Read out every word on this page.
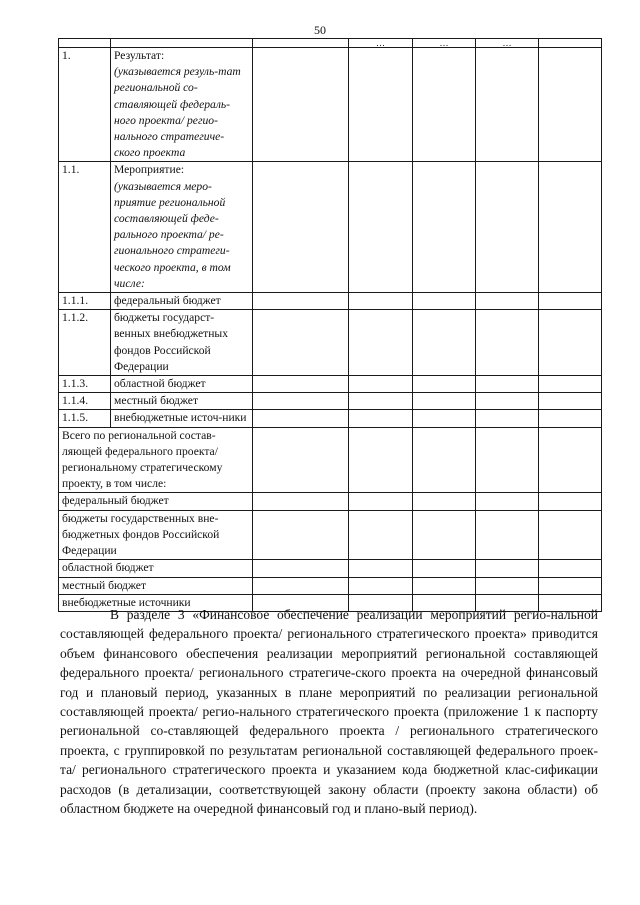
50
			…	…	…	
1.	Результат:
(указывается резуль-тат региональной со-ставляющей федераль-ного проекта/ регио-нального стратегиче-ского проекта					

1.1.	Мероприятие:
(указывается меро-приятие региональной составляющей феде-рального проекта/ ре-гионального стратеги-ческого проекта, в том числе:					

1.1.1.	федеральный бюджет					
1.1.2.	бюджеты государст-венных внебюджетных фондов Российской Федерации					
1.1.3.	областной бюджет					
1.1.4.	местный бюджет					
1.1.5.	внебюджетные источ-ники					
Всего по региональной состав-ляющей федерального проекта/ региональному стратегическому проекту, в том числе:						
федеральный бюджет						
бюджеты государственных вне-бюджетных фондов Российской Федерации						
областной бюджет						
местный бюджет						
внебюджетные источники						

В разделе 3 «Финансовое обеспечение реализации мероприятий регио-нальной составляющей федерального проекта/ регионального стратегического проекта» приводится объем финансового обеспечения реализации мероприятий региональной составляющей федерального проекта/ регионального стратегиче-ского проекта на очередной финансовый год и плановый период, указанных в плане мероприятий по реализации региональной составляющей проекта/ регио-нального стратегического проекта (приложение 1 к паспорту региональной со-ставляющей федерального проекта / регионального стратегического проекта, с группировкой по результатам региональной составляющей федерального проек-та/ регионального стратегического проекта и указанием кода бюджетной клас-сификации расходов (в детализации, соответствующей закону области (проекту закона области) об областном бюджете на очередной финансовый год и плано-вый период).
